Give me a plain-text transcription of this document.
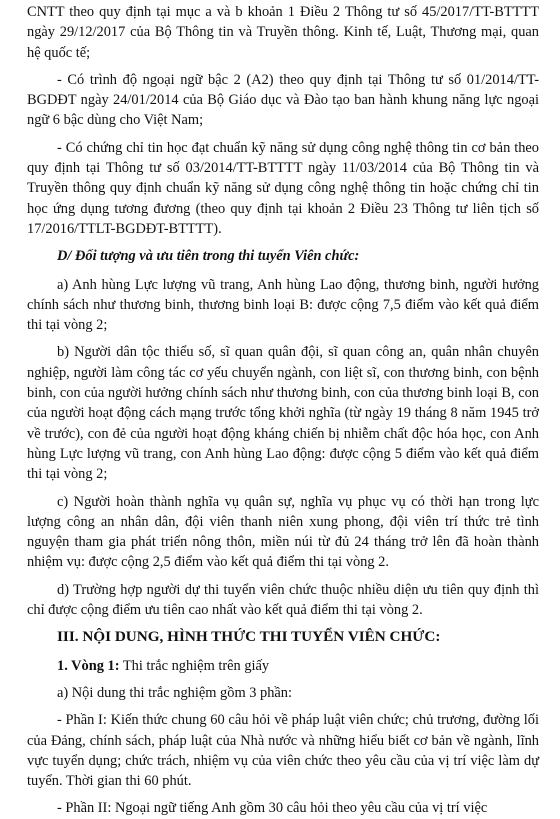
CNTT theo quy định tại mục a và b khoản 1 Điều 2 Thông tư số 45/2017/TT-BTTTT ngày 29/12/2017 của Bộ Thông tin và Truyền thông. Kinh tế, Luật, Thương mại, quan hệ quốc tế;

- Có trình độ ngoại ngữ bậc 2 (A2) theo quy định tại Thông tư số 01/2014/TT-BGDĐT ngày 24/01/2014 của Bộ Giáo dục và Đào tạo ban hành khung năng lực ngoại ngữ 6 bậc dùng cho Việt Nam;

- Có chứng chỉ tin học đạt chuẩn kỹ năng sử dụng công nghệ thông tin cơ bản theo quy định tại Thông tư số 03/2014/TT-BTTTT ngày 11/03/2014 của Bộ Thông tin và Truyền thông quy định chuẩn kỹ năng sử dụng công nghệ thông tin hoặc chứng chỉ tin học ứng dụng tương đương (theo quy định tại khoản 2 Điều 23 Thông tư liên tịch số 17/2016/TTLT-BGDĐT-BTTTT).

D/ Đối tượng và ưu tiên trong thi tuyển Viên chức:

a) Anh hùng Lực lượng vũ trang, Anh hùng Lao động, thương binh, người hưởng chính sách như thương binh, thương binh loại B: được cộng 7,5 điểm vào kết quả điểm thi tại vòng 2;

b) Người dân tộc thiểu số, sĩ quan quân đội, sĩ quan công an, quân nhân chuyên nghiệp, người làm công tác cơ yếu chuyển ngành, con liệt sĩ, con thương binh, con bệnh binh, con của người hưởng chính sách như thương binh, con của thương binh loại B, con của người hoạt động cách mạng trước tổng khởi nghĩa (từ ngày 19 tháng 8 năm 1945 trở về trước), con đẻ của người hoạt động kháng chiến bị nhiễm chất độc hóa học, con Anh hùng Lực lượng vũ trang, con Anh hùng Lao động: được cộng 5 điểm vào kết quả điểm thi tại vòng 2;

c) Người hoàn thành nghĩa vụ quân sự, nghĩa vụ phục vụ có thời hạn trong lực lượng công an nhân dân, đội viên thanh niên xung phong, đội viên trí thức trẻ tình nguyện tham gia phát triển nông thôn, miền núi từ đủ 24 tháng trở lên đã hoàn thành nhiệm vụ: được cộng 2,5 điểm vào kết quả điểm thi tại vòng 2.

d) Trường hợp người dự thi tuyển viên chức thuộc nhiều diện ưu tiên quy định thì chỉ được cộng điểm ưu tiên cao nhất vào kết quả điểm thi tại vòng 2.

III. NỘI DUNG, HÌNH THỨC THI TUYỂN VIÊN CHỨC:

1. Vòng 1: Thi trắc nghiệm trên giấy

a) Nội dung thi trắc nghiệm gồm 3 phần:

- Phần I: Kiến thức chung 60 câu hỏi về pháp luật viên chức; chủ trương, đường lối của Đảng, chính sách, pháp luật của Nhà nước và những hiểu biết cơ bản về ngành, lĩnh vực tuyển dụng; chức trách, nhiệm vụ của viên chức theo yêu cầu của vị trí việc làm dự tuyển. Thời gian thi 60 phút.

- Phần II: Ngoại ngữ tiếng Anh gồm 30 câu hỏi theo yêu cầu của vị trí việc
